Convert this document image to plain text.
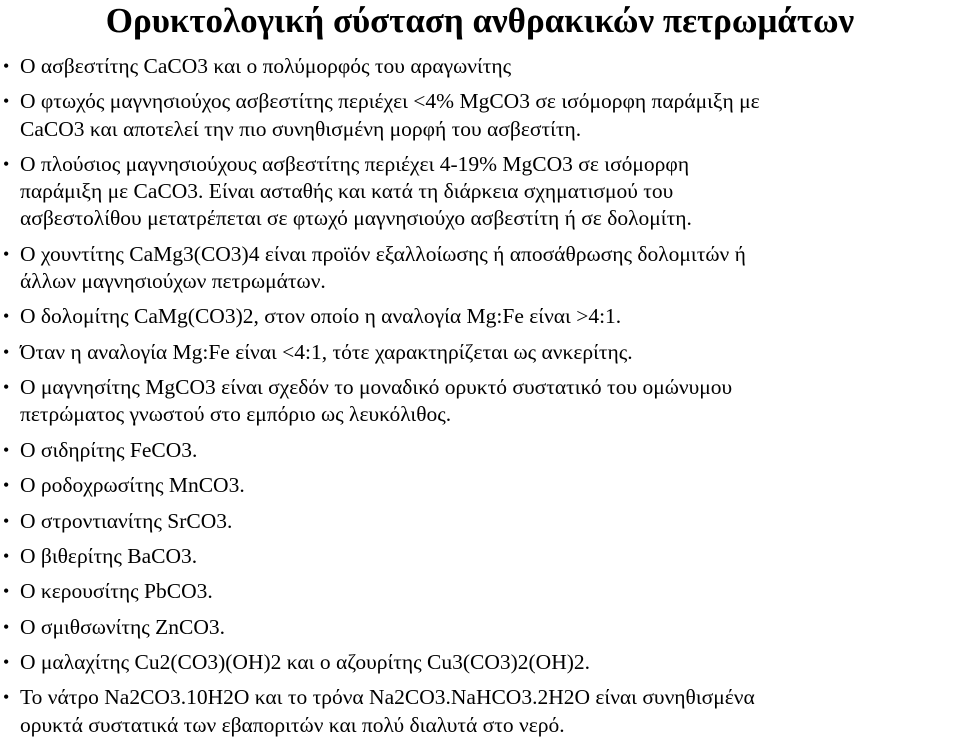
Ορυκτολογική σύσταση ανθρακικών πετρωμάτων
• Ο ασβεστίτης CaCO3 και ο πολύμορφός του αραγωνίτης
• Ο φτωχός μαγνησιούχος ασβεστίτης περιέχει <4% MgCO3 σε ισόμορφη παράμιξη με
CaCO3 και αποτελεί την πιο συνηθισμένη μορφή του ασβεστίτη.
• Ο πλούσιος μαγνησιούχους ασβεστίτης περιέχει 4-19% MgCO3 σε ισόμορφη
παράμιξη με CaCO3. Είναι ασταθής και κατά τη διάρκεια σχηματισμού του
ασβεστολίθου μετατρέπεται σε φτωχό μαγνησιούχο ασβεστίτη ή σε δολομίτη.
• Ο χουντίτης CaMg3(CO3)4 είναι προϊόν εξαλλοίωσης ή αποσάθρωσης δολομιτών ή
άλλων μαγνησιούχων πετρωμάτων.
• Ο δολομίτης CaMg(CO3)2, στον οποίο η αναλογία Mg:Fe είναι >4:1.
• Όταν η αναλογία Mg:Fe είναι <4:1, τότε χαρακτηρίζεται ως ανκερίτης.
• Ο μαγνησίτης MgCO3 είναι σχεδόν το μοναδικό ορυκτό συστατικό του ομώνυμου
πετρώματος γνωστού στο εμπόριο ως λευκόλιθος.
• Ο σιδηρίτης FeCO3.
• Ο ροδοχρωσίτης MnCO3.
• Ο στροντιανίτης SrCO3.
• Ο βιθερίτης BaCO3.
• Ο κερουσίτης PbCO3.
• Ο σμιθσωνίτης ZnCO3.
• Ο μαλαχίτης Cu2(CO3)(OH)2 και ο αζουρίτης Cu3(CO3)2(OH)2.
• Το νάτρο Na2CO3.10H2O και το τρόνα Na2CO3.NaHCO3.2H2O είναι συνηθισμένα
ορυκτά συστατικά των εβαποριτών και πολύ διαλυτά στο νερό.
